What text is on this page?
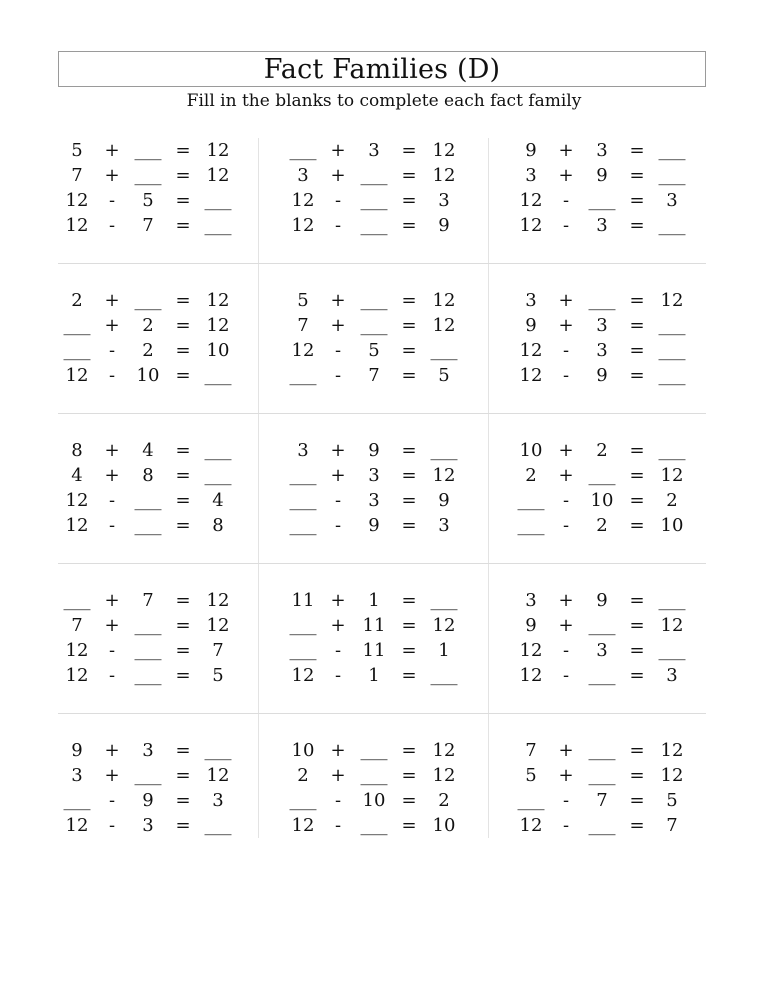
Fact Families (D)
Fill in the blanks to complete each fact family
5	+ ___ = 12
7	+ ___ = 12
12	-	5	= ___
12	-	7	= ___
___ +	3	= 12
3	+ ___ = 12
12	-	___ =	3
12	-	___ =	9
9	+	3	= ___
3	+	9	= ___
12	-	___ =	3
12	-	3	= ___
2	+ ___ = 12
___ +	2	= 12
___	-	2	= 10
12	-	10 = ___
5	+ ___ = 12
7	+ ___ = 12
12	-	5	= ___
___	-	7	=	5
3	+ ___ = 12
9	+	3	= ___
12	-	3	= ___
12	-	9	= ___
8	+	4	= ___
4	+	8	= ___
12	-	___ =	4
12	-	___ =	8
3	+	9	= ___
___ +	3	= 12
___	-	3	=	9
___	-	9	=	3
10 +	2	= ___
2	+ ___ = 12
___	-	10 =	2
___	-	2	= 10
___ +	7	= 12
7	+ ___ = 12
12	-	___ =	7
12	-	___ =	5
11 +	1	= ___
___ + 11 = 12
___	-	11 =	1
12	-	1	= ___
3	+	9	= ___
9	+ ___ = 12
12	-	3	= ___
12	-	___ =	3
9	+	3	= ___
3	+ ___ = 12
___	-	9	=	3
12	-	3	= ___
10 + ___ = 12
2	+ ___ = 12
___	-	10 =	2
12	-	___ = 10
7	+ ___ = 12
5	+ ___ = 12
___	-	7	=	5
12	-	___ =	7
